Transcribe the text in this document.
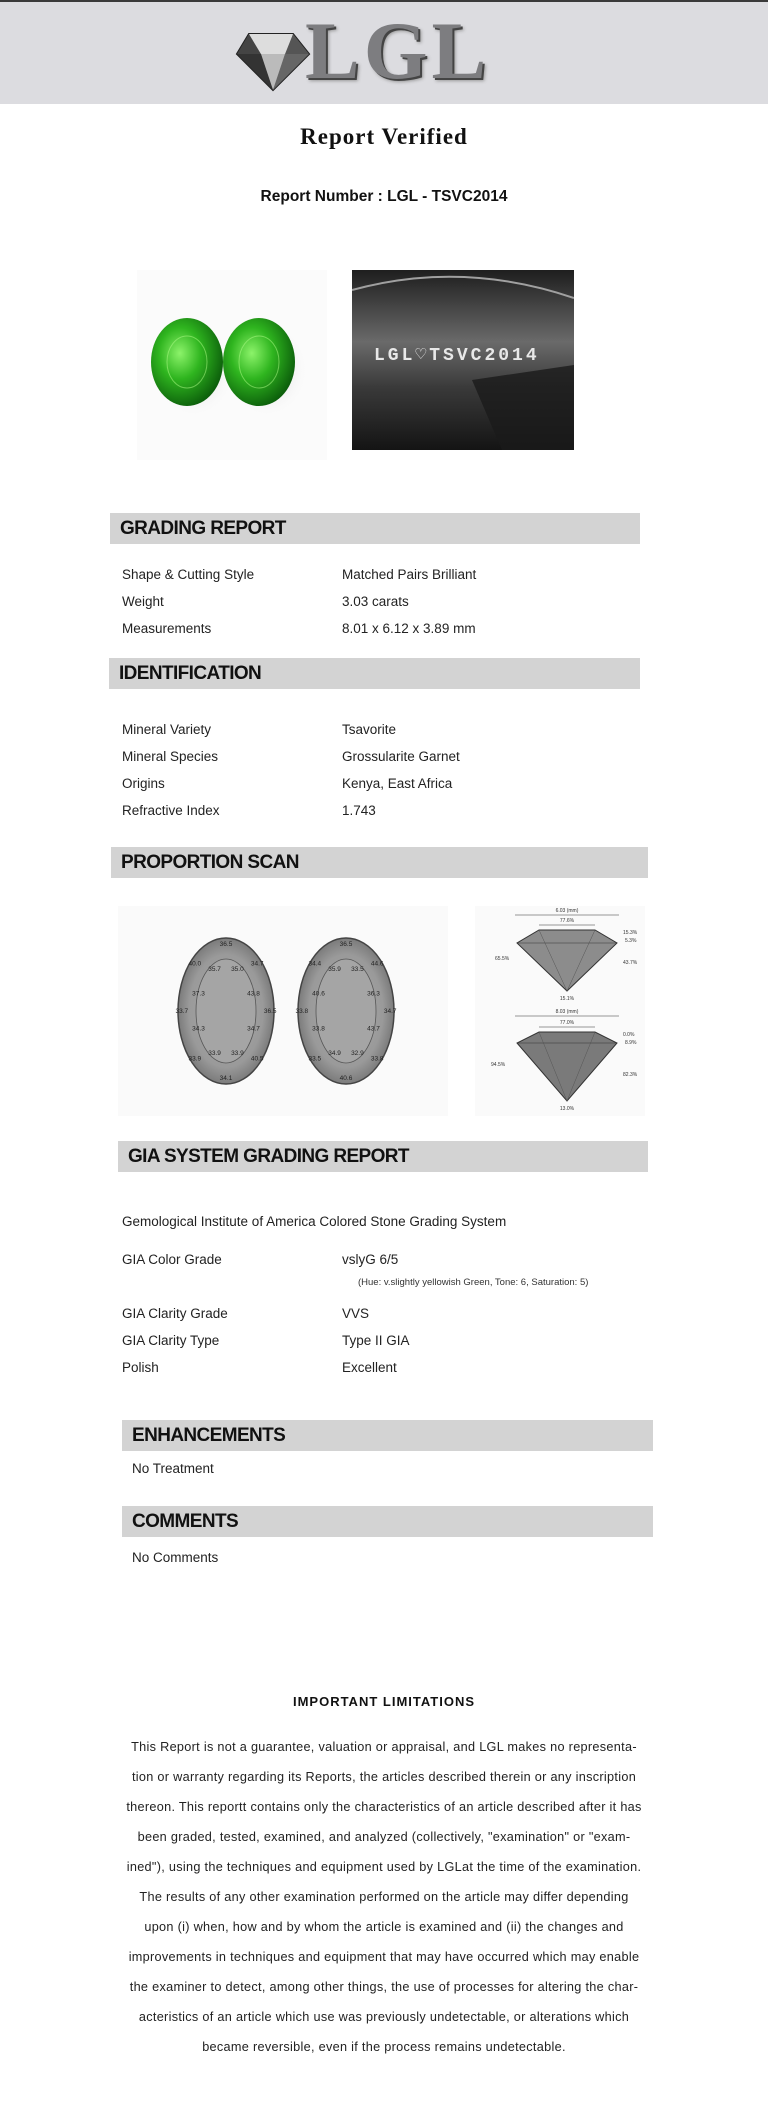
LGL
Report Verified
Report Number : LGL - TSVC2014
LGL♡TSVC2014
GRADING REPORT
Shape & Cutting Style	Matched Pairs Brilliant
Weight	3.03 carats
Measurements	8.01 x 6.12 x 3.89 mm
IDENTIFICATION
Mineral Variety	Tsavorite
Mineral Species	Grossularite Garnet
Origins	Kenya, East Africa
Refractive Index	1.743
PROPORTION SCAN
36.5
35.0
34.7
43.8
36.5
34.7
40.5
33.9
34.1
33.9
33.9
34.3
33.7
37.3
40.0
35.7
36.5
33.5
44.6
36.3
34.7
43.7
33.8
32.9
40.6
34.9
33.5
33.8
33.8
40.6
34.4
35.9
6.03 (mm)
77.6%
65.5%
15.3%
5.3%
43.7%
15.1%
8.03 (mm)
77.0%
94.5%
0.0%
8.9%
82.3%
13.0%
GIA SYSTEM GRADING REPORT
Gemological Institute of America Colored Stone Grading System
GIA Color Grade	vslyG 6/5
(Hue: v.slightly yellowish Green, Tone: 6, Saturation: 5)
GIA Clarity Grade	VVS
GIA Clarity Type	Type II GIA
Polish	Excellent
ENHANCEMENTS
No Treatment
COMMENTS
No Comments
IMPORTANT LIMITATIONS
This Report is not a guarantee, valuation or appraisal, and LGL makes no representa-
tion or warranty regarding its Reports, the articles described therein or any inscription
thereon. This reportt contains only the characteristics of an article described after it has
been graded, tested, examined, and analyzed (collectively, "examination" or "exam-
ined"), using the techniques and equipment used by LGLat the time of the examination.
The results of any other examination performed on the article may differ depending
upon (i) when, how and by whom the article is examined and (ii) the changes and
improvements in techniques and equipment that may have occurred which may enable
the examiner to detect, among other things, the use of processes for altering the char-
acteristics of an article which use was previously undetectable, or alterations which
became reversible, even if the process remains undetectable.
